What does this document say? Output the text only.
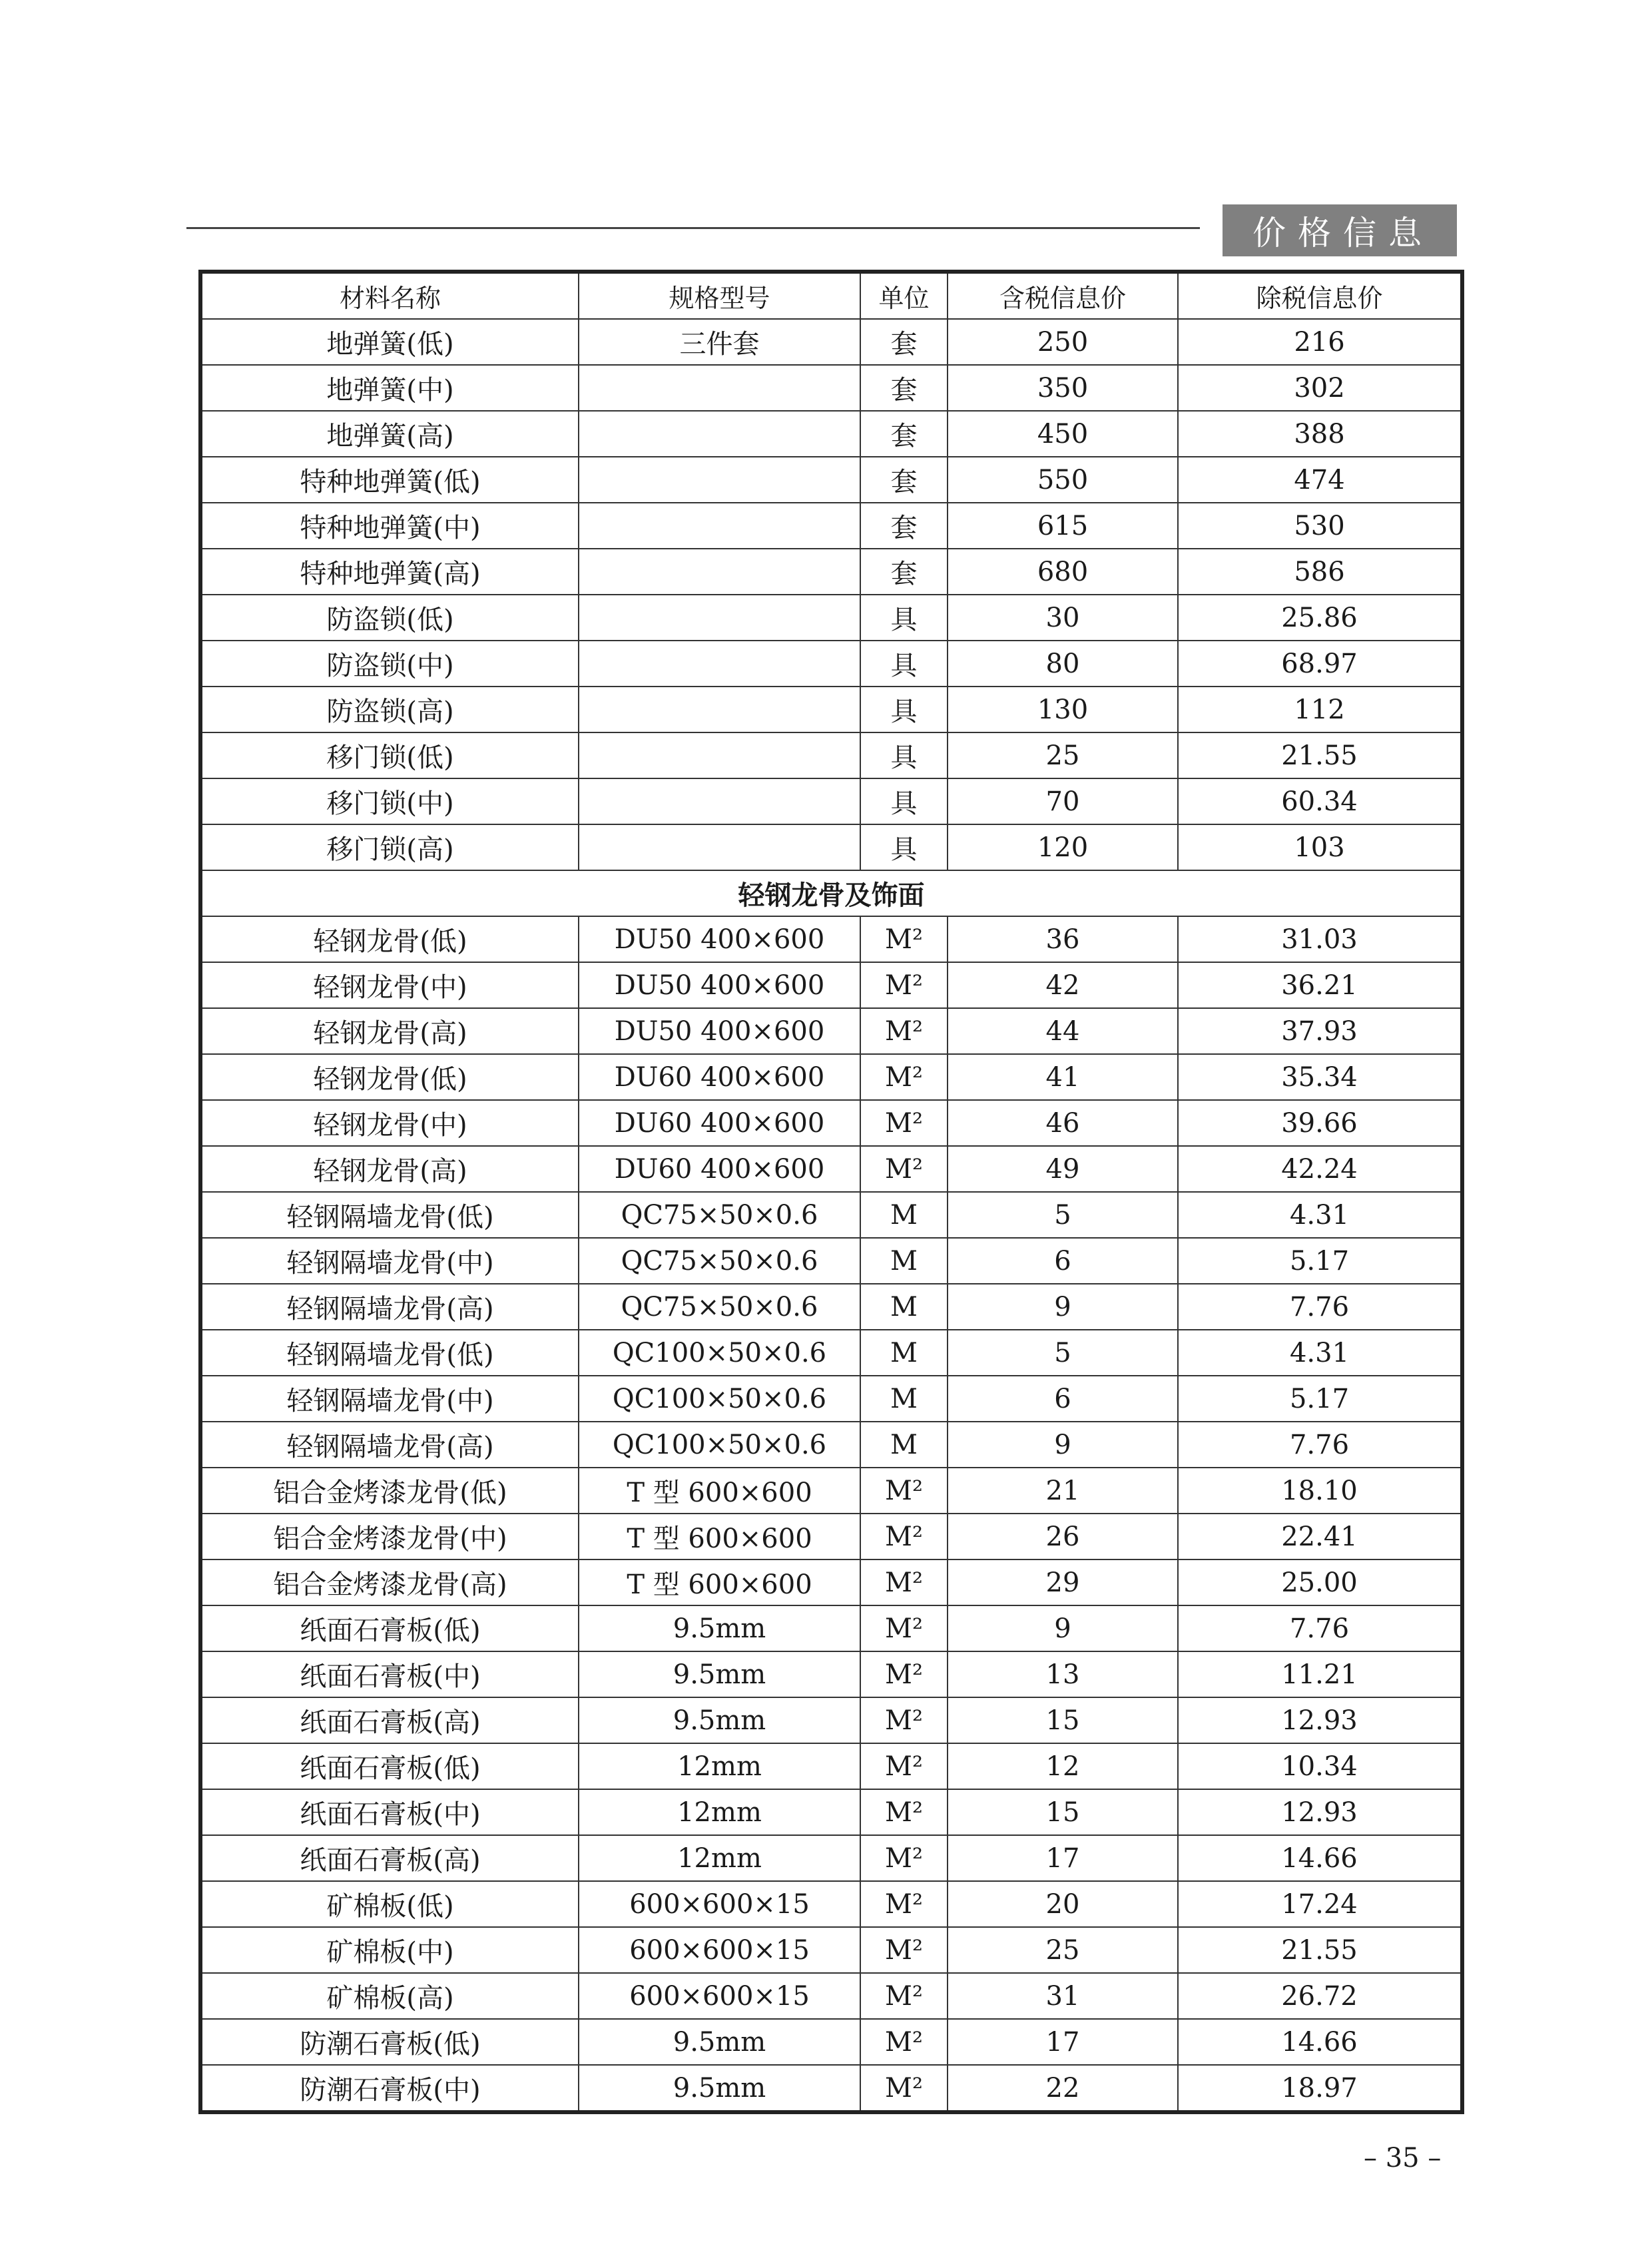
价格信息
材料名称	规格型号	单位	含税信息价	除税信息价
地弹簧(低)	三件套	套	250	216
地弹簧(中)		套	350	302
地弹簧(高)		套	450	388
特种地弹簧(低)		套	550	474
特种地弹簧(中)		套	615	530
特种地弹簧(高)		套	680	586
防盗锁(低)		具	30	25.86
防盗锁(中)		具	80	68.97
防盗锁(高)		具	130	112
移门锁(低)		具	25	21.55
移门锁(中)		具	70	60.34
移门锁(高)		具	120	103
轻钢龙骨及饰面				
轻钢龙骨(低)	DU50 400×600	M²	36	31.03
轻钢龙骨(中)	DU50 400×600	M²	42	36.21
轻钢龙骨(高)	DU50 400×600	M²	44	37.93
轻钢龙骨(低)	DU60 400×600	M²	41	35.34
轻钢龙骨(中)	DU60 400×600	M²	46	39.66
轻钢龙骨(高)	DU60 400×600	M²	49	42.24
轻钢隔墙龙骨(低)	QC75×50×0.6	M	5	4.31
轻钢隔墙龙骨(中)	QC75×50×0.6	M	6	5.17
轻钢隔墙龙骨(高)	QC75×50×0.6	M	9	7.76
轻钢隔墙龙骨(低)	QC100×50×0.6	M	5	4.31
轻钢隔墙龙骨(中)	QC100×50×0.6	M	6	5.17
轻钢隔墙龙骨(高)	QC100×50×0.6	M	9	7.76
铝合金烤漆龙骨(低)	T 型 600×600	M²	21	18.10
铝合金烤漆龙骨(中)	T 型 600×600	M²	26	22.41
铝合金烤漆龙骨(高)	T 型 600×600	M²	29	25.00
纸面石膏板(低)	9.5mm	M²	9	7.76
纸面石膏板(中)	9.5mm	M²	13	11.21
纸面石膏板(高)	9.5mm	M²	15	12.93
纸面石膏板(低)	12mm	M²	12	10.34
纸面石膏板(中)	12mm	M²	15	12.93
纸面石膏板(高)	12mm	M²	17	14.66
矿棉板(低)	600×600×15	M²	20	17.24
矿棉板(中)	600×600×15	M²	25	21.55
矿棉板(高)	600×600×15	M²	31	26.72
防潮石膏板(低)	9.5mm	M²	17	14.66
防潮石膏板(中)	9.5mm	M²	22	18.97
– 35 –
